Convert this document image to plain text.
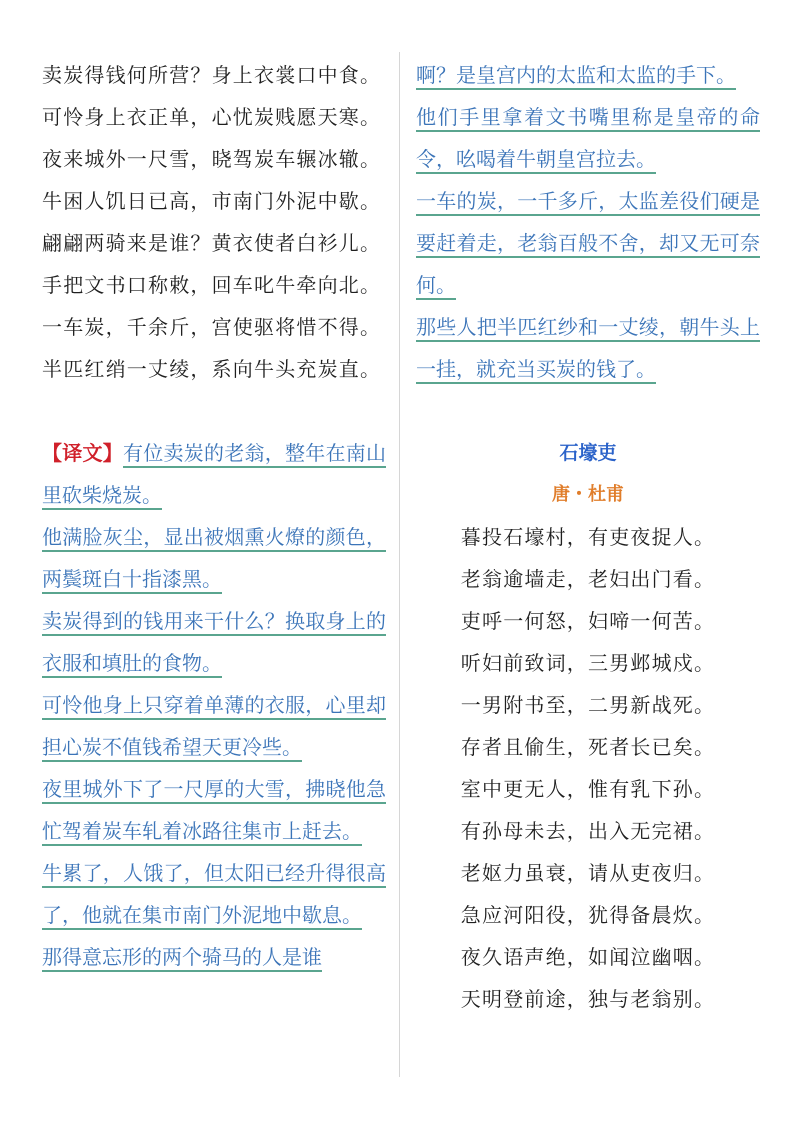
卖炭得钱何所营？身上衣裳口中食。
可怜身上衣正单，心忧炭贱愿天寒。
夜来城外一尺雪，晓驾炭车辗冰辙。
牛困人饥日已高，市南门外泥中歇。
翩翩两骑来是谁？黄衣使者白衫儿。
手把文书口称敕，回车叱牛牵向北。
一车炭，千余斤，宫使驱将惜不得。
半匹红绡一丈绫，系向牛头充炭直。

【译文】有位卖炭的老翁，整年在南山里砍柴烧炭。

他满脸灰尘，显出被烟熏火燎的颜色，两鬓斑白十指漆黑。

卖炭得到的钱用来干什么？换取身上的衣服和填肚的食物。

可怜他身上只穿着单薄的衣服，心里却担心炭不值钱希望天更冷些。

夜里城外下了一尺厚的大雪，拂晓他急忙驾着炭车轧着冰路往集市上赶去。

牛累了，人饿了，但太阳已经升得很高了，他就在集市南门外泥地中歇息。

那得意忘形的两个骑马的人是谁

啊？是皇宫内的太监和太监的手下。

他们手里拿着文书嘴里称是皇帝的命令，吆喝着牛朝皇宫拉去。

一车的炭，一千多斤，太监差役们硬是要赶着走，老翁百般不舍，却又无可奈何。

那些人把半匹红纱和一丈绫，朝牛头上一挂，就充当买炭的钱了。

石壕吏
唐・杜甫
暮投石壕村，有吏夜捉人。
老翁逾墙走，老妇出门看。
吏呼一何怒，妇啼一何苦。
听妇前致词，三男邺城戍。
一男附书至，二男新战死。
存者且偷生，死者长已矣。
室中更无人，惟有乳下孙。
有孙母未去，出入无完裙。
老妪力虽衰，请从吏夜归。
急应河阳役，犹得备晨炊。
夜久语声绝，如闻泣幽咽。
天明登前途，独与老翁别。
